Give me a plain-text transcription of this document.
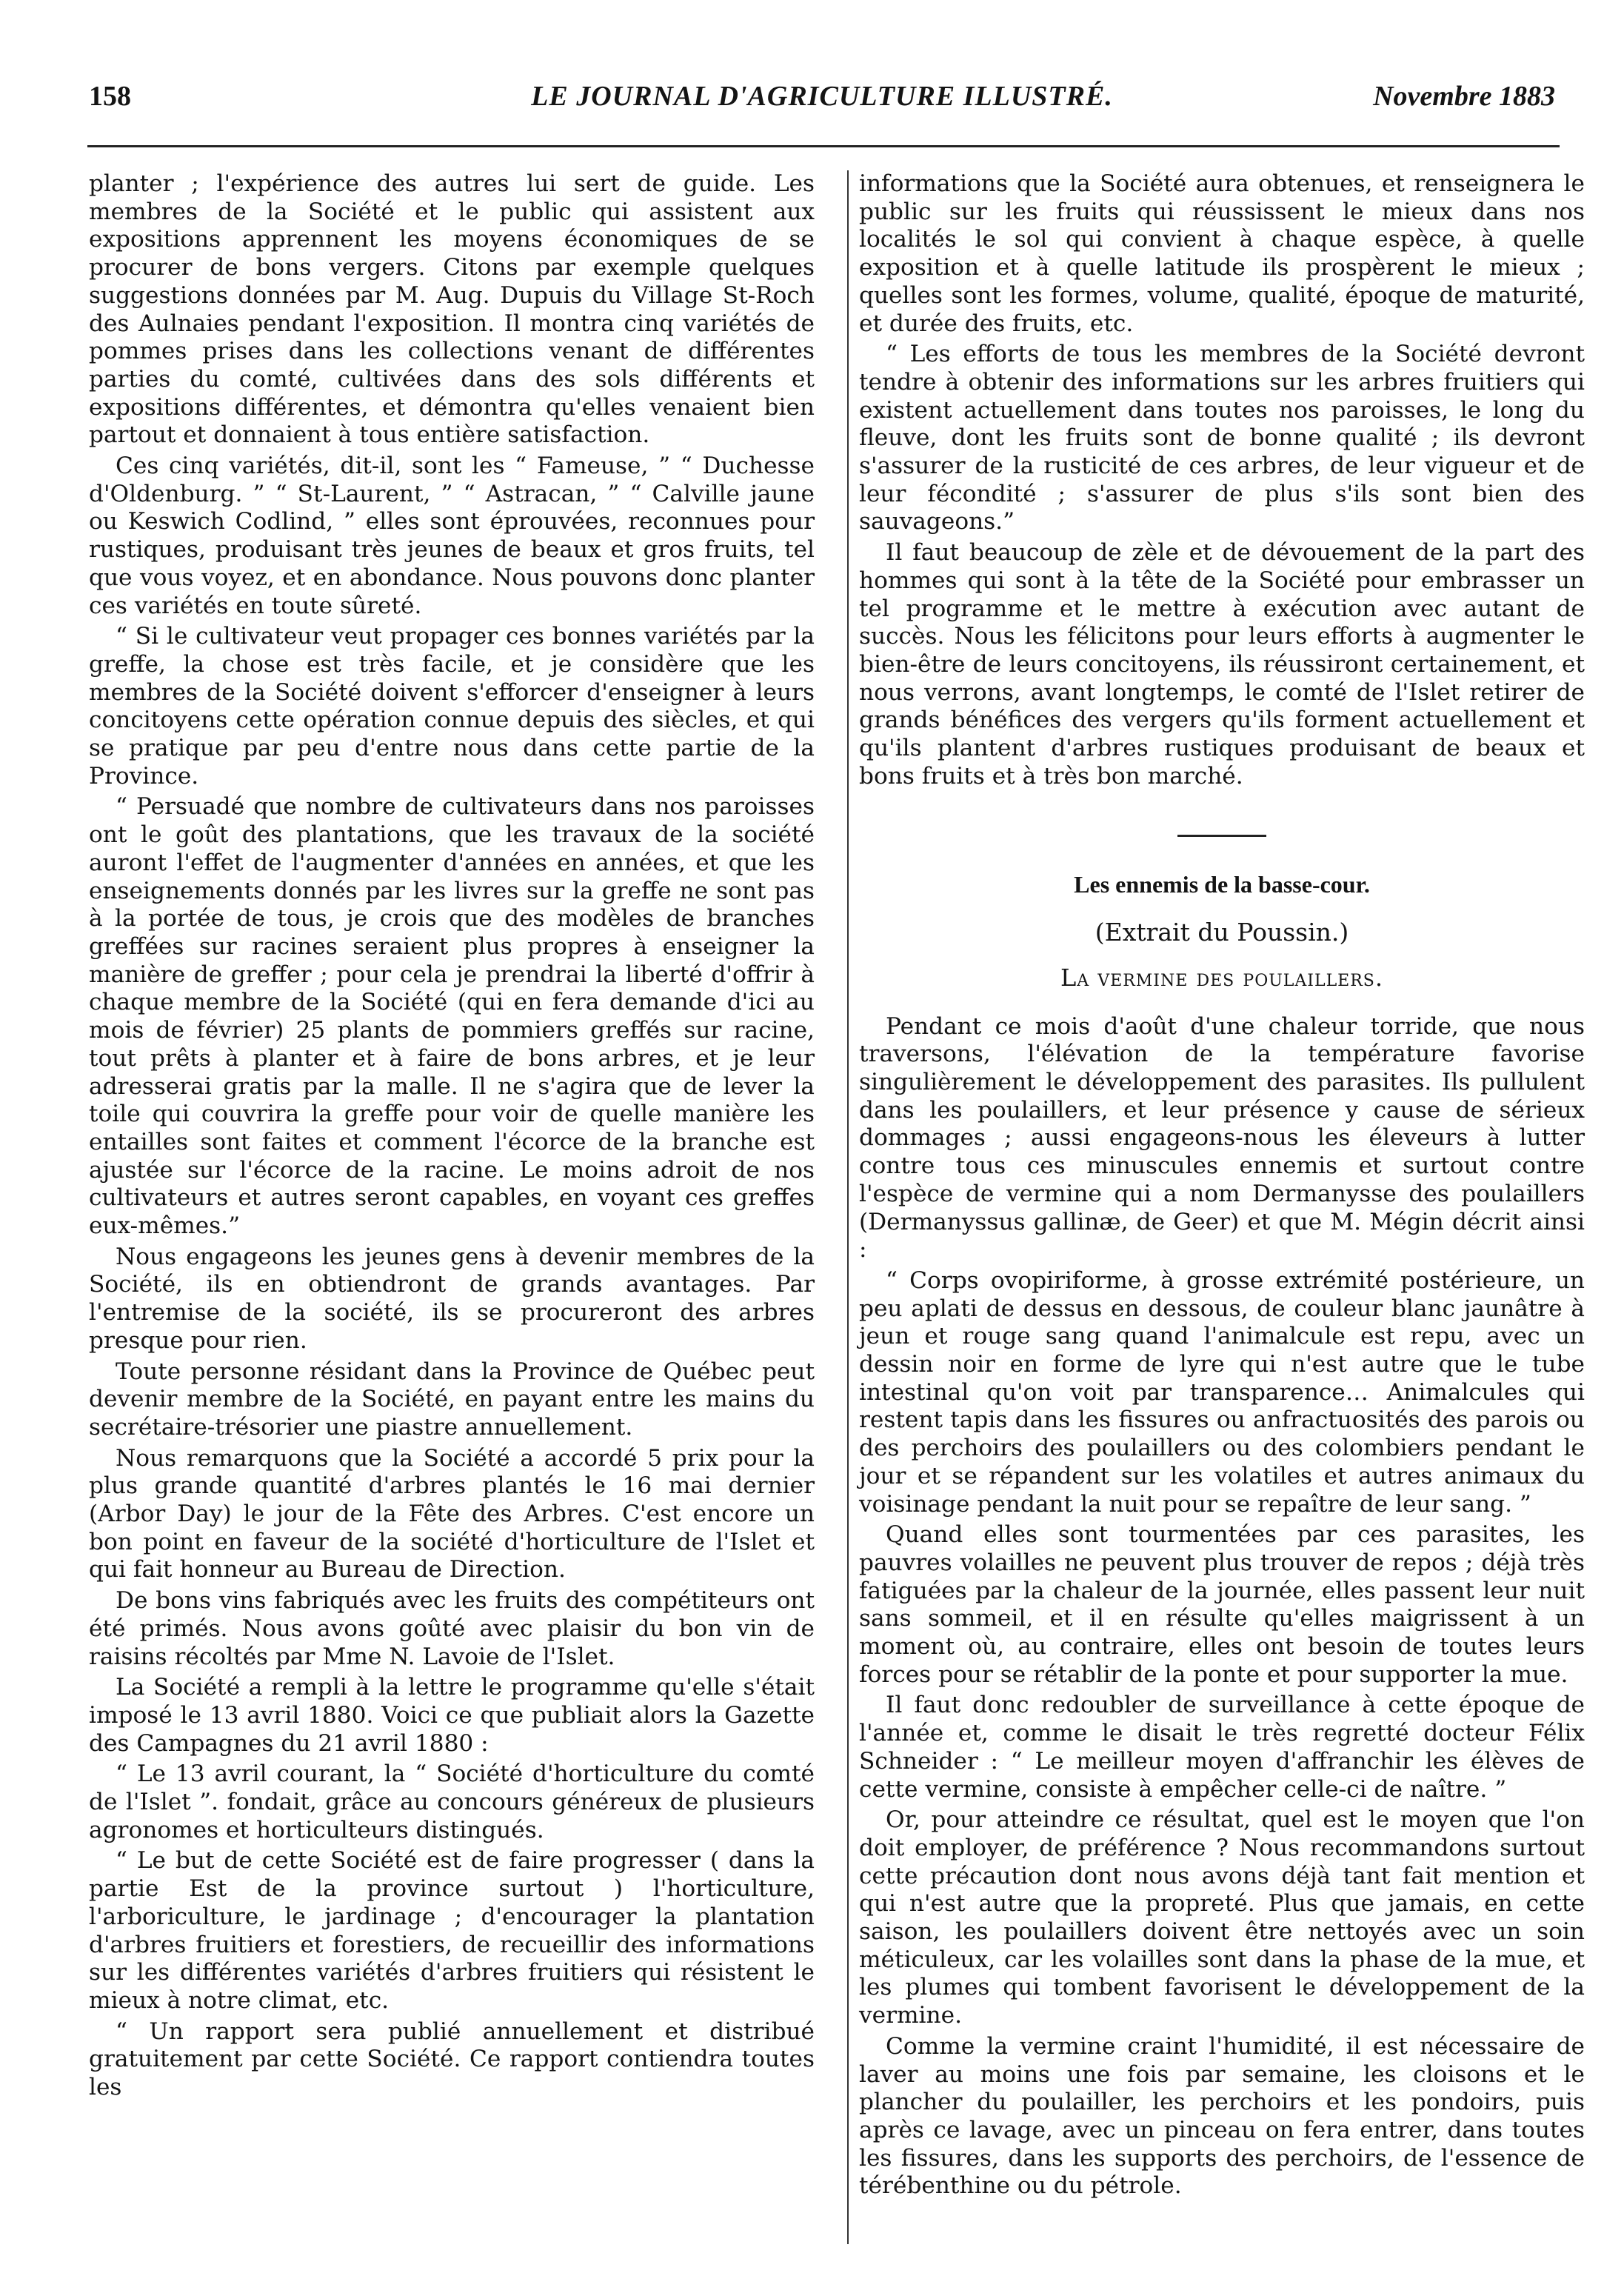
158	LE JOURNAL D'AGRICULTURE ILLUSTRÉ.	Novembre 1883

planter ; l'expérience des autres lui sert de guide. Les membres de la Société et le public qui assistent aux expositions apprennent les moyens économiques de se procurer de bons vergers. Citons par exemple quelques suggestions données par M. Aug. Dupuis du Village St-Roch des Aulnaies pendant l'exposition. Il montra cinq variétés de pommes prises dans les collections venant de différentes parties du comté, cultivées dans des sols différents et expositions différentes, et démontra qu'elles venaient bien partout et donnaient à tous entière satisfaction.

Ces cinq variétés, dit-il, sont les “ Fameuse, ” “ Duchesse d'Oldenburg. ” “ St-Laurent, ” “ Astracan, ” “ Calville jaune ou Keswich Codlind, ” elles sont éprouvées, reconnues pour rustiques, produisant très jeunes de beaux et gros fruits, tel que vous voyez, et en abondance. Nous pouvons donc planter ces variétés en toute sûreté.

“ Si le cultivateur veut propager ces bonnes variétés par la greffe, la chose est très facile, et je considère que les membres de la Société doivent s'efforcer d'enseigner à leurs concitoyens cette opération connue depuis des siècles, et qui se pratique par peu d'entre nous dans cette partie de la Province.

“ Persuadé que nombre de cultivateurs dans nos paroisses ont le goût des plantations, que les travaux de la société auront l'effet de l'augmenter d'années en années, et que les enseignements donnés par les livres sur la greffe ne sont pas à la portée de tous, je crois que des modèles de branches greffées sur racines seraient plus propres à enseigner la manière de greffer ; pour cela je prendrai la liberté d'offrir à chaque membre de la Société (qui en fera demande d'ici au mois de février) 25 plants de pommiers greffés sur racine, tout prêts à planter et à faire de bons arbres, et je leur adresserai gratis par la malle. Il ne s'agira que de lever la toile qui couvrira la greffe pour voir de quelle manière les entailles sont faites et comment l'écorce de la branche est ajustée sur l'écorce de la racine. Le moins adroit de nos cultivateurs et autres seront capables, en voyant ces greffes eux-mêmes.”

Nous engageons les jeunes gens à devenir membres de la Société, ils en obtiendront de grands avantages. Par l'entremise de la société, ils se procureront des arbres presque pour rien.

Toute personne résidant dans la Province de Québec peut devenir membre de la Société, en payant entre les mains du secrétaire-trésorier une piastre annuellement.

Nous remarquons que la Société a accordé 5 prix pour la plus grande quantité d'arbres plantés le 16 mai dernier (Arbor Day) le jour de la Fête des Arbres. C'est encore un bon point en faveur de la société d'horticulture de l'Islet et qui fait honneur au Bureau de Direction.

De bons vins fabriqués avec les fruits des compétiteurs ont été primés. Nous avons goûté avec plaisir du bon vin de raisins récoltés par Mme N. Lavoie de l'Islet.

La Société a rempli à la lettre le programme qu'elle s'était imposé le 13 avril 1880. Voici ce que publiait alors la Gazette des Campagnes du 21 avril 1880 :

“ Le 13 avril courant, la “ Société d'horticulture du comté de l'Islet ”. fondait, grâce au concours généreux de plusieurs agronomes et horticulteurs distingués.

“ Le but de cette Société est de faire progresser ( dans la partie Est de la province surtout ) l'horticulture, l'arboriculture, le jardinage ; d'encourager la plantation d'arbres fruitiers et forestiers, de recueillir des informations sur les différentes variétés d'arbres fruitiers qui résistent le mieux à notre climat, etc.

“ Un rapport sera publié annuellement et distribué gratuitement par cette Société. Ce rapport contiendra toutes les

informations que la Société aura obtenues, et renseignera le public sur les fruits qui réussissent le mieux dans nos localités le sol qui convient à chaque espèce, à quelle exposition et à quelle latitude ils prospèrent le mieux ; quelles sont les formes, volume, qualité, époque de maturité, et durée des fruits, etc.

“ Les efforts de tous les membres de la Société devront tendre à obtenir des informations sur les arbres fruitiers qui existent actuellement dans toutes nos paroisses, le long du fleuve, dont les fruits sont de bonne qualité ; ils devront s'assurer de la rusticité de ces arbres, de leur vigueur et de leur fécondité ; s'assurer de plus s'ils sont bien des sauvageons.”

Il faut beaucoup de zèle et de dévouement de la part des hommes qui sont à la tête de la Société pour embrasser un tel programme et le mettre à exécution avec autant de succès. Nous les félicitons pour leurs efforts à augmenter le bien-être de leurs concitoyens, ils réussiront certainement, et nous verrons, avant longtemps, le comté de l'Islet retirer de grands bénéfices des vergers qu'ils forment actuellement et qu'ils plantent d'arbres rustiques produisant de beaux et bons fruits et à très bon marché.

Les ennemis de la basse-cour.
(Extrait du Poussin.)
La vermine des poulaillers.

Pendant ce mois d'août d'une chaleur torride, que nous traversons, l'élévation de la température favorise singulièrement le développement des parasites. Ils pullulent dans les poulaillers, et leur présence y cause de sérieux dommages ; aussi engageons-nous les éleveurs à lutter contre tous ces minuscules ennemis et surtout contre l'espèce de vermine qui a nom Dermanysse des poulaillers (Dermanyssus gallinæ, de Geer) et que M. Mégin décrit ainsi :

“ Corps ovopiriforme, à grosse extrémité postérieure, un peu aplati de dessus en dessous, de couleur blanc jaunâtre à jeun et rouge sang quand l'animalcule est repu, avec un dessin noir en forme de lyre qui n'est autre que le tube intestinal qu'on voit par transparence… Animalcules qui restent tapis dans les fissures ou anfractuosités des parois ou des perchoirs des poulaillers ou des colombiers pendant le jour et se répandent sur les volatiles et autres animaux du voisinage pendant la nuit pour se repaître de leur sang. ”

Quand elles sont tourmentées par ces parasites, les pauvres volailles ne peuvent plus trouver de repos ; déjà très fatiguées par la chaleur de la journée, elles passent leur nuit sans sommeil, et il en résulte qu'elles maigrissent à un moment où, au contraire, elles ont besoin de toutes leurs forces pour se rétablir de la ponte et pour supporter la mue.

Il faut donc redoubler de surveillance à cette époque de l'année et, comme le disait le très regretté docteur Félix Schneider : “ Le meilleur moyen d'affranchir les élèves de cette vermine, consiste à empêcher celle-ci de naître. ”

Or, pour atteindre ce résultat, quel est le moyen que l'on doit employer, de préférence ? Nous recommandons surtout cette précaution dont nous avons déjà tant fait mention et qui n'est autre que la propreté. Plus que jamais, en cette saison, les poulaillers doivent être nettoyés avec un soin méticuleux, car les volailles sont dans la phase de la mue, et les plumes qui tombent favorisent le développement de la vermine.

Comme la vermine craint l'humidité, il est nécessaire de laver au moins une fois par semaine, les cloisons et le plancher du poulailler, les perchoirs et les pondoirs, puis après ce lavage, avec un pinceau on fera entrer, dans toutes les fissures, dans les supports des perchoirs, de l'essence de térébenthine ou du pétrole.
